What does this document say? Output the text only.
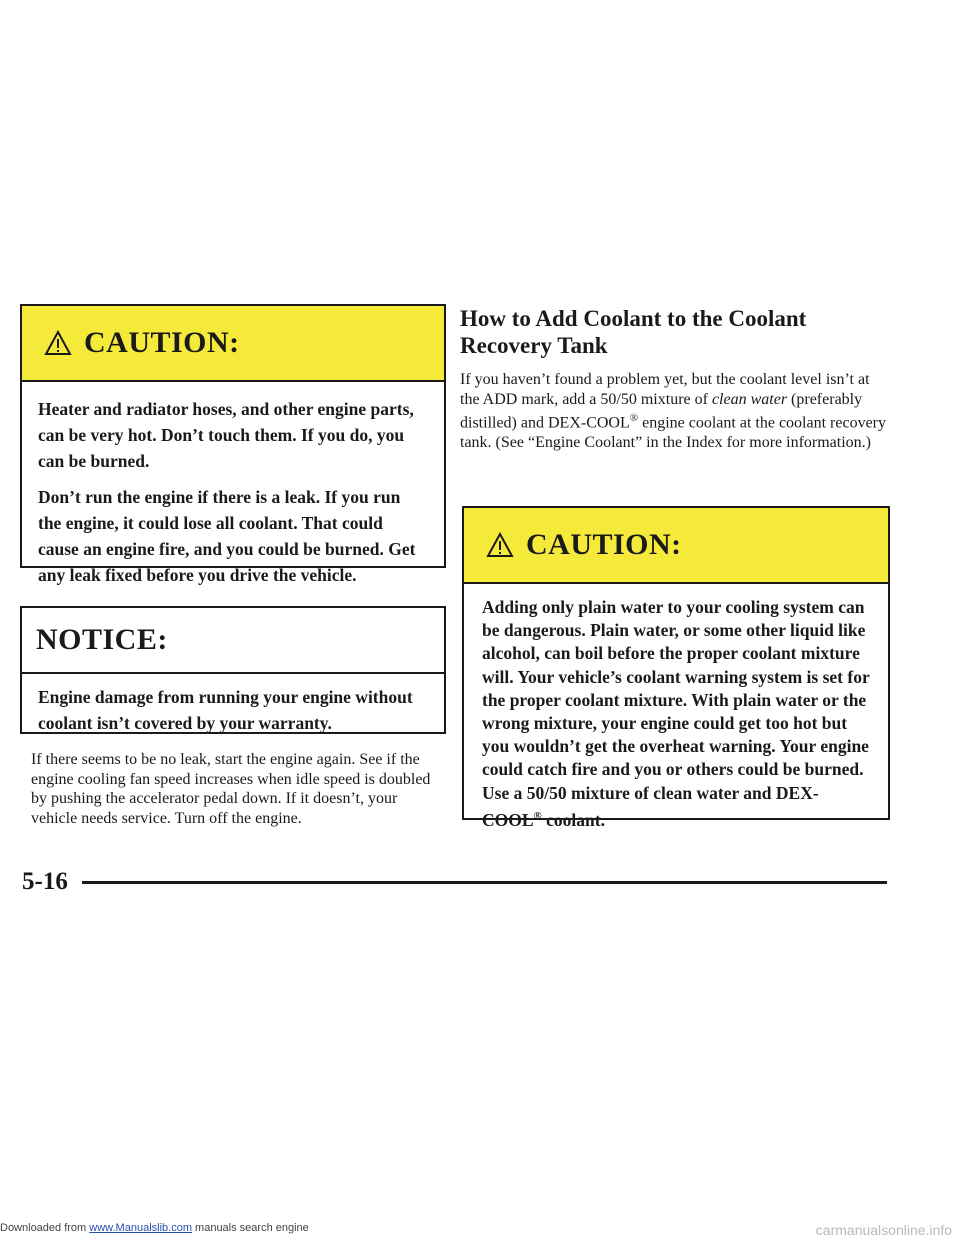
CAUTION:

Heater and radiator hoses, and other engine parts, can be very hot. Don’t touch them. If you do, you can be burned.

Don’t run the engine if there is a leak. If you run the engine, it could lose all coolant. That could cause an engine fire, and you could be burned. Get any leak fixed before you drive the vehicle.

NOTICE:

Engine damage from running your engine without coolant isn’t covered by your warranty.

If there seems to be no leak, start the engine again. See if the engine cooling fan speed increases when idle speed is doubled by pushing the accelerator pedal down. If it doesn’t, your vehicle needs service. Turn off the engine.

How to Add Coolant to the Coolant Recovery Tank

If you haven’t found a problem yet, but the coolant level isn’t at the ADD mark, add a 50/50 mixture of clean water (preferably distilled) and DEX-COOL® engine coolant at the coolant recovery tank. (See “Engine Coolant” in the Index for more information.)

CAUTION:

Adding only plain water to your cooling system can be dangerous. Plain water, or some other liquid like alcohol, can boil before the proper coolant mixture will. Your vehicle’s coolant warning system is set for the proper coolant mixture. With plain water or the wrong mixture, your engine could get too hot but you wouldn’t get the overheat warning. Your engine could catch fire and you or others could be burned. Use a 50/50 mixture of clean water and DEX-COOL® coolant.

5-16
Downloaded from www.Manualslib.com manuals search engine	carmanualsonline.info
